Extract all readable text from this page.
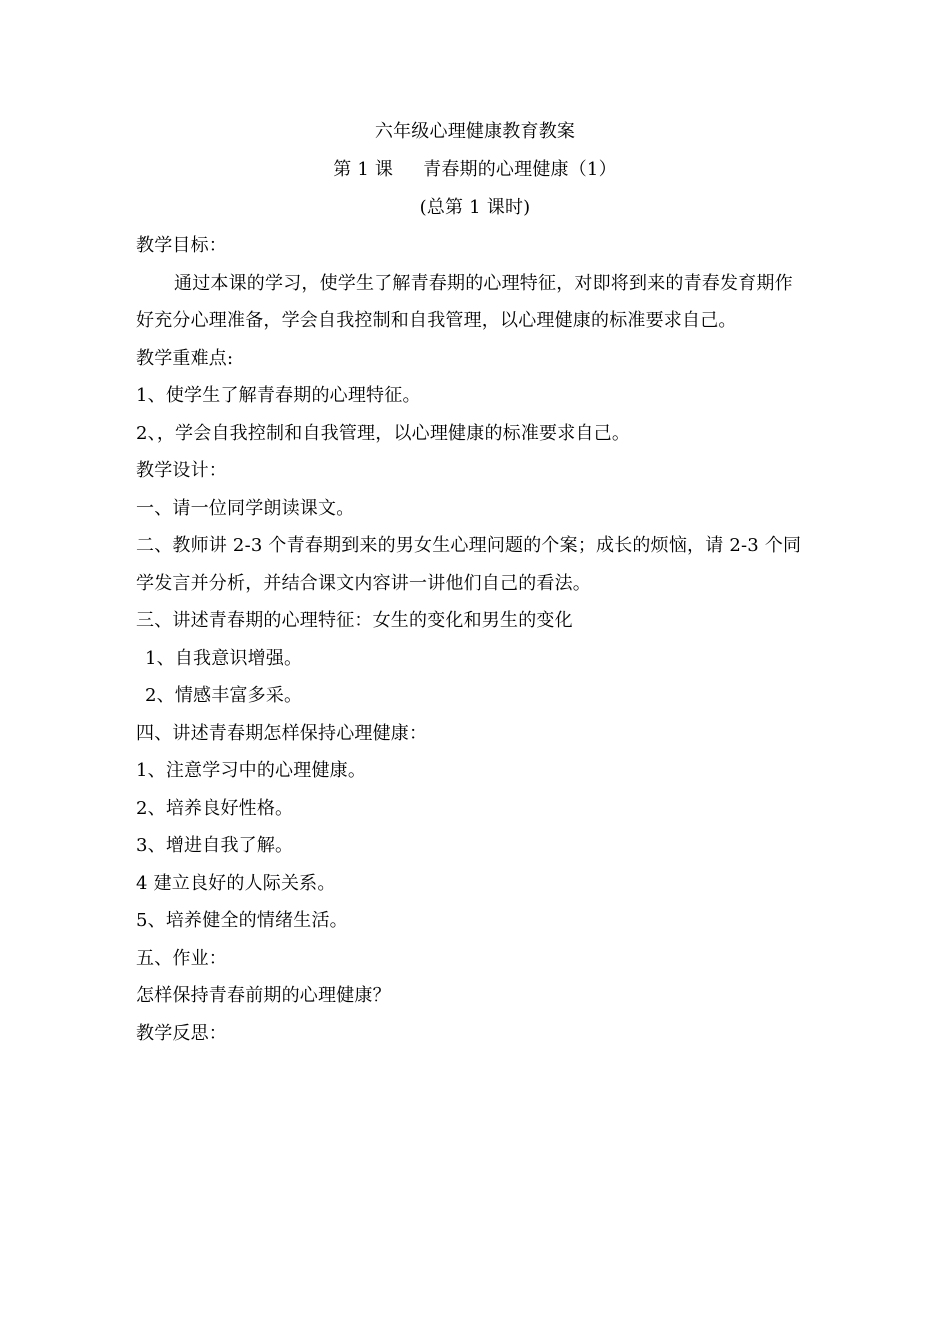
六年级心理健康教育教案
第 1 课 青春期的心理健康（1）
(总第 1 课时)
教学目标：
通过本课的学习，使学生了解青春期的心理特征，对即将到来的青春发育期作
好充分心理准备，学会自我控制和自我管理，以心理健康的标准要求自己。
教学重难点:
1、使学生了解青春期的心理特征。
2、，学会自我控制和自我管理，以心理健康的标准要求自己。
教学设计：
一、请一位同学朗读课文。
二、教师讲 2-3 个青春期到来的男女生心理问题的个案；成长的烦恼，请 2-3 个同
学发言并分析，并结合课文内容讲一讲他们自己的看法。
三、讲述青春期的心理特征：女生的变化和男生的变化
1、自我意识增强。
2、情感丰富多采。
四、讲述青春期怎样保持心理健康：
1、注意学习中的心理健康。
2、培养良好性格。
3、增进自我了解。
4 建立良好的人际关系。
5、培养健全的情绪生活。
五、作业：
怎样保持青春前期的心理健康？
教学反思：
